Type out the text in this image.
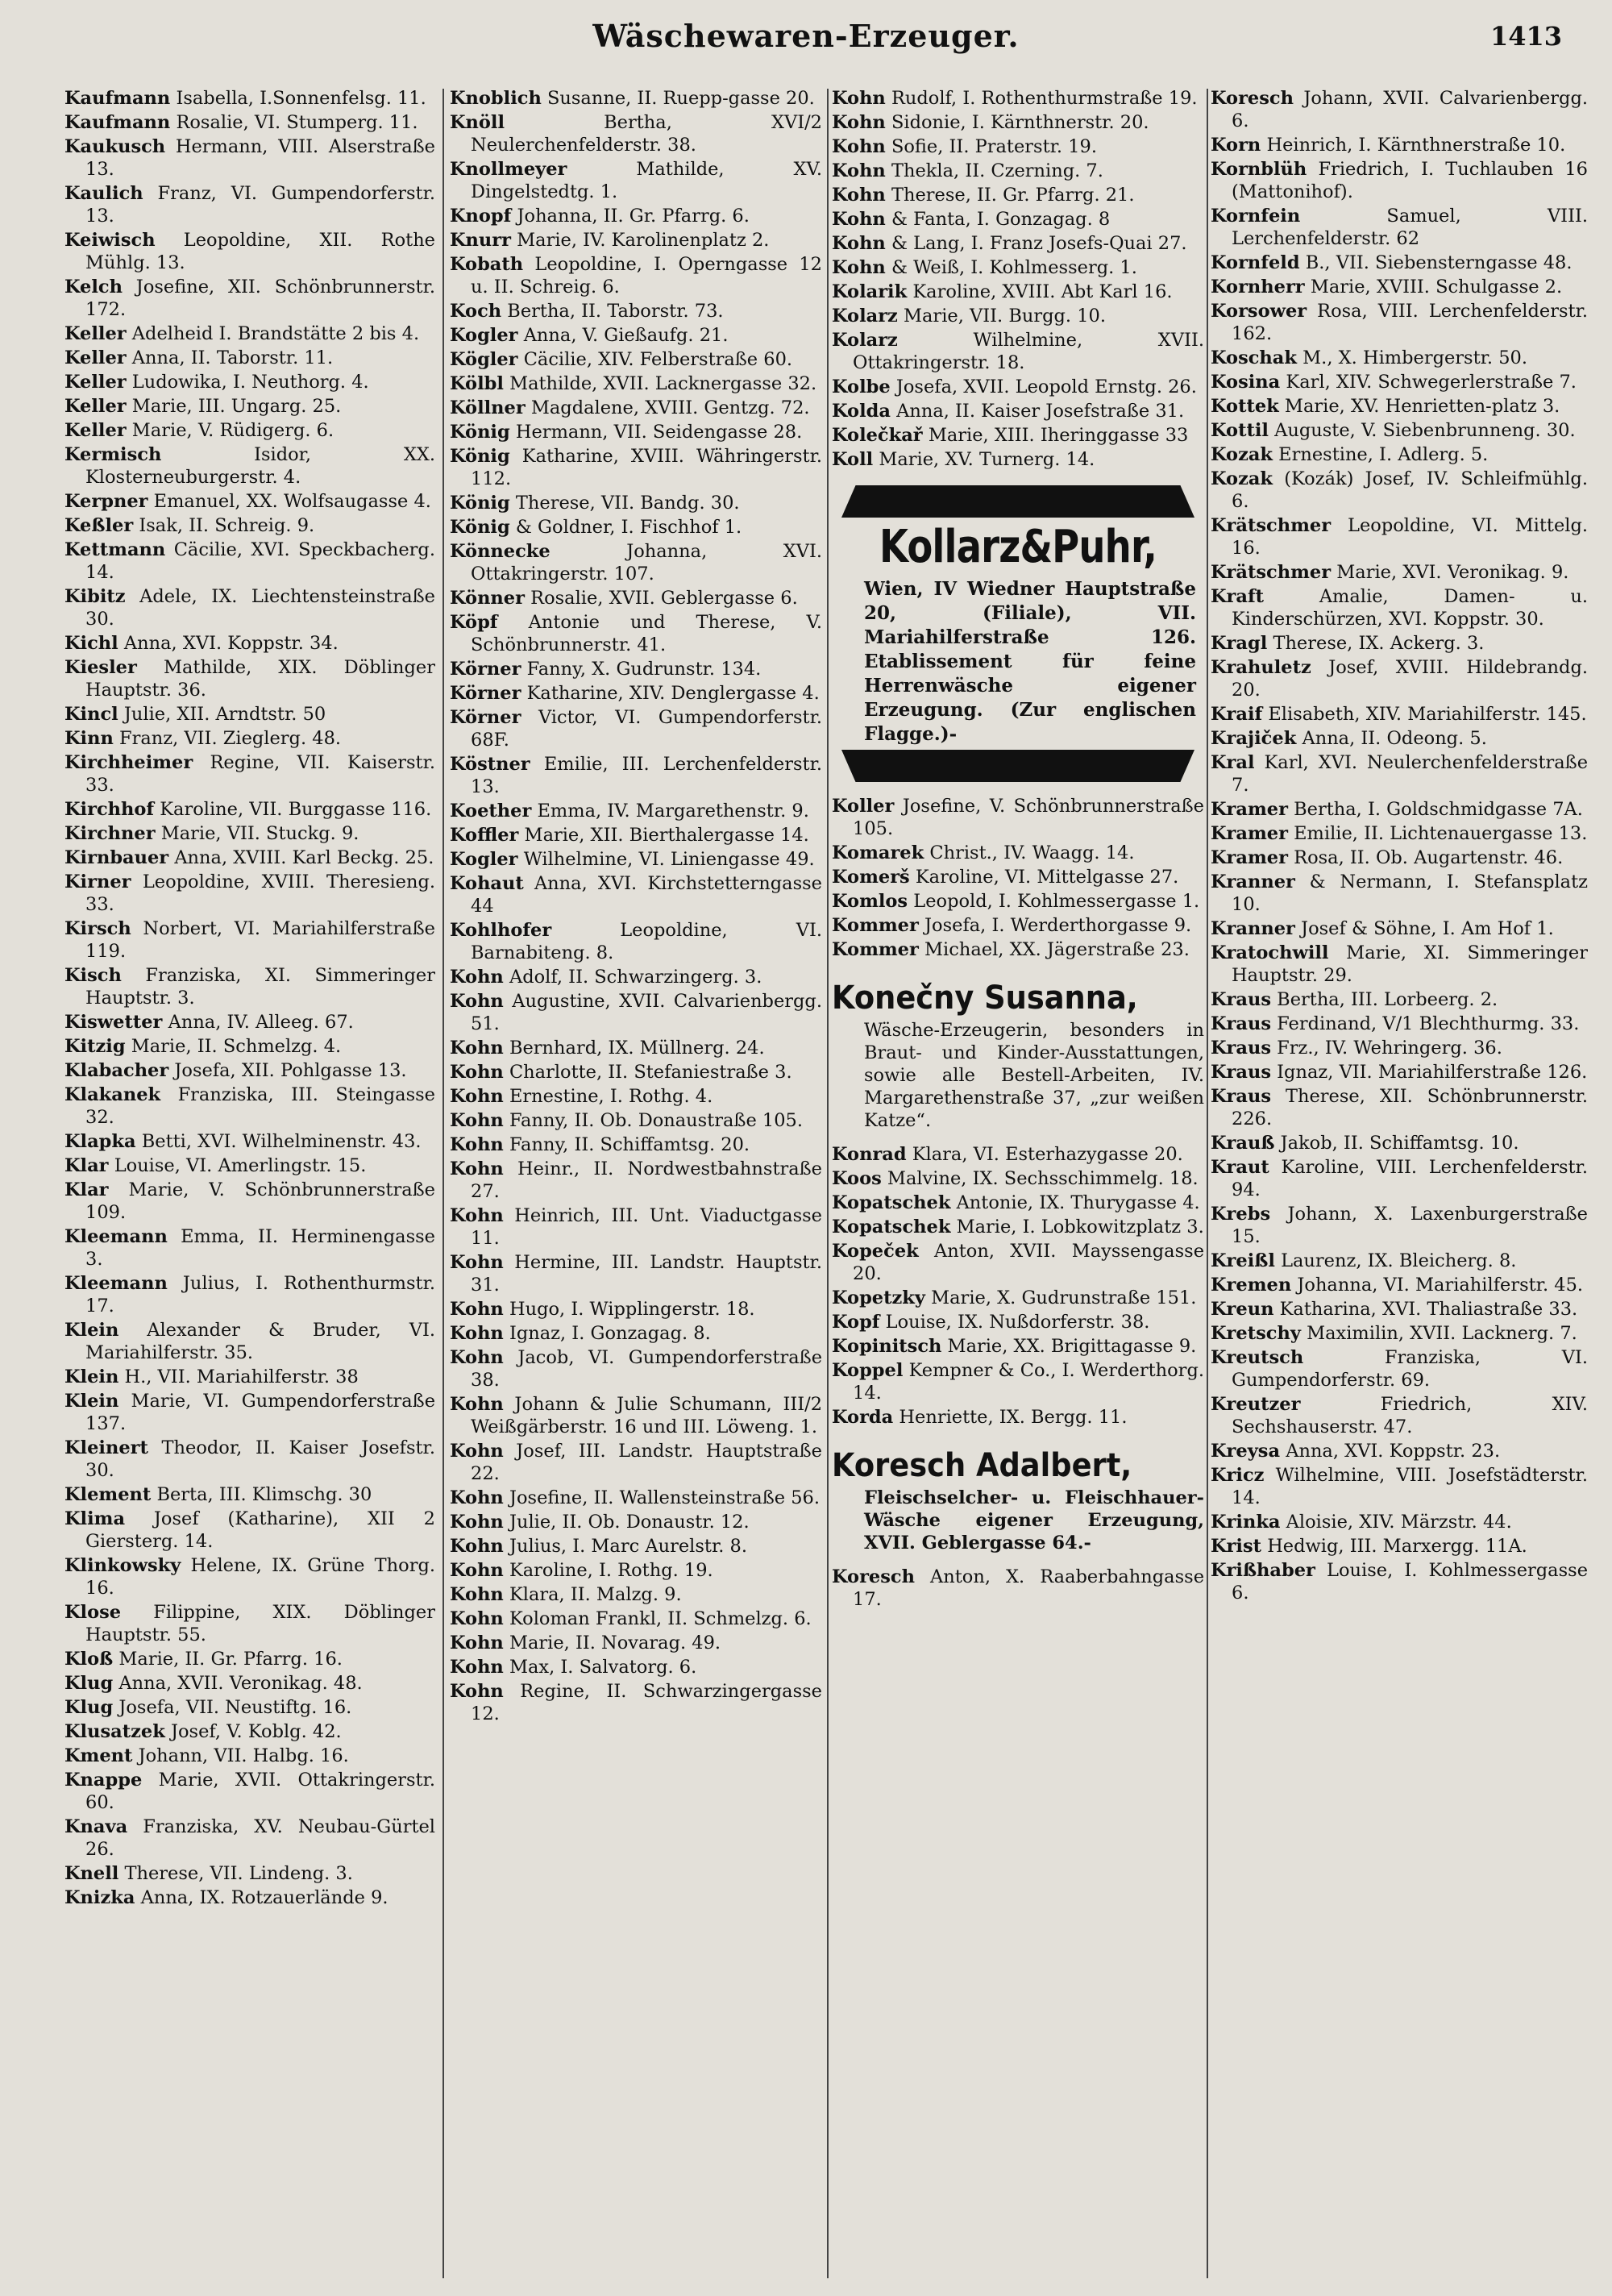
Wäschewaren-Erzeuger.	1413

Kaufmann Isabella, I.Sonnenfelsg. 11.

Kaufmann Rosalie, VI. Stumperg. 11.

Kaukusch Hermann, VIII. Alserstraße 13.

Kaulich Franz, VI. Gumpendorferstr. 13.

Keiwisch Leopoldine, XII. Rothe Mühlg. 13.

Kelch Josefine, XII. Schönbrunnerstr. 172.

Keller Adelheid I. Brandstätte 2 bis 4.

Keller Anna, II. Taborstr. 11.

Keller Ludowika, I. Neuthorg. 4.

Keller Marie, III. Ungarg. 25.

Keller Marie, V. Rüdigerg. 6.

Kermisch	Isidor, XX. Klosterneuburgerstr. 4.

Kerpner Emanuel, XX. Wolfsaugasse 4.

Keßler Isak, II. Schreig. 9.

Kettmann Cäcilie, XVI. Speckbacherg. 14.

Kibitz Adele, IX. Liechtensteinstraße 30.

Kichl Anna, XVI. Koppstr. 34.

Kiesler Mathilde, XIX. Döblinger Hauptstr. 36.

Kincl Julie, XII. Arndtstr. 50

Kinn Franz, VII. Zieglerg. 48.

Kirchheimer Regine, VII. Kaiserstr. 33.

Kirchhof Karoline, VII. Burggasse 116.

Kirchner Marie, VII. Stuckg. 9.

Kirnbauer Anna, XVIII. Karl Beckg. 25.

Kirner Leopoldine, XVIII. Theresieng. 33.

Kirsch Norbert, VI. Mariahilferstraße 119.

Kisch Franziska, XI. Simmeringer Hauptstr. 3.

Kiswetter Anna, IV. Alleeg. 67.

Kitzig Marie, II. Schmelzg. 4.

Klabacher Josefa, XII. Pohlgasse 13.

Klakanek Franziska, III. Steingasse 32.

Klapka Betti, XVI. Wilhelminenstr. 43.

Klar Louise, VI. Amerlingstr. 15.

Klar Marie, V. Schönbrunnerstraße 109.

Kleemann Emma, II. Herminengasse 3.

Kleemann Julius, I. Rothenthurmstr. 17.

Klein Alexander & Bruder, VI. Mariahilferstr. 35.

Klein H., VII. Mariahilferstr. 38

Klein Marie, VI. Gumpendorferstraße 137.

Kleinert Theodor, II. Kaiser Josefstr. 30.

Klement Berta, III. Klimschg. 30

Klima Josef (Katharine), XII 2 Giersterg. 14.

Klinkowsky Helene, IX. Grüne Thorg. 16.

Klose Filippine, XIX. Döblinger Hauptstr. 55.

Kloß Marie, II. Gr. Pfarrg. 16.

Klug Anna, XVII. Veronikag. 48.

Klug Josefa, VII. Neustiftg. 16.

Klusatzek Josef, V. Koblg. 42.

Kment Johann, VII. Halbg. 16.

Knappe Marie, XVII. Ottakringerstr. 60.

Knava Franziska, XV. Neubau-Gürtel 26.

Knell Therese, VII. Lindeng. 3.

Knizka Anna, IX. Rotzauerlände 9.

Knoblich Susanne, II. Ruepp-gasse 20.

Knöll	Bertha, XVI/2 Neulerchenfelderstr. 38.

Knollmeyer	Mathilde, XV. Dingelstedtg. 1.

Knopf Johanna, II. Gr. Pfarrg. 6.

Knurr Marie, IV. Karolinenplatz 2.

Kobath Leopoldine, I. Operngasse 12 u. II. Schreig. 6.

Koch Bertha, II. Taborstr. 73.

Kogler Anna, V. Gießaufg. 21.

Kögler Cäcilie, XIV. Felberstraße 60.

Kölbl Mathilde, XVII. Lacknergasse 32.

Köllner Magdalene, XVIII. Gentzg. 72.

König Hermann, VII. Seidengasse 28.

König Katharine, XVIII. Währingerstr. 112.

König Therese, VII. Bandg. 30.

König & Goldner, I. Fischhof 1.

Könnecke	Johanna, XVI. Ottakringerstr. 107.

Könner Rosalie, XVII. Geblergasse 6.

Köpf Antonie und Therese, V. Schönbrunnerstr. 41.

Körner Fanny, X. Gudrunstr. 134.

Körner Katharine, XIV. Denglergasse 4.

Körner Victor, VI. Gumpendorferstr. 68F.

Köstner Emilie, III. Lerchenfelderstr. 13.

Koether Emma, IV. Margarethenstr. 9.

Koffler Marie, XII. Bierthalergasse 14.

Kogler Wilhelmine, VI. Liniengasse 49.

Kohaut Anna, XVI. Kirchstetterngasse 44

Kohlhofer	Leopoldine, VI. Barnabiteng. 8.

Kohn Adolf, II. Schwarzingerg. 3.

Kohn Augustine, XVII. Calvarienbergg. 51.

Kohn Bernhard, IX. Müllnerg. 24.

Kohn Charlotte, II. Stefaniestraße 3.

Kohn Ernestine, I. Rothg. 4.

Kohn Fanny, II. Ob. Donaustraße 105.

Kohn Fanny, II. Schiffamtsg. 20.

Kohn Heinr., II. Nordwestbahnstraße 27.

Kohn Heinrich, III. Unt. Viaductgasse 11.

Kohn Hermine, III. Landstr. Hauptstr. 31.

Kohn Hugo, I. Wipplingerstr. 18.

Kohn Ignaz, I. Gonzagag. 8.

Kohn Jacob, VI. Gumpendorferstraße 38.

Kohn Johann & Julie Schumann, III/2 Weißgärberstr. 16 und III. Löweng. 1.

Kohn Josef, III. Landstr. Hauptstraße 22.

Kohn Josefine, II. Wallensteinstraße 56.

Kohn Julie, II. Ob. Donaustr. 12.

Kohn Julius, I. Marc Aurelstr. 8.

Kohn Karoline, I. Rothg. 19.

Kohn Klara, II. Malzg. 9.

Kohn Koloman Frankl, II. Schmelzg. 6.

Kohn Marie, II. Novarag. 49.

Kohn Max, I. Salvatorg. 6.

Kohn Regine, II. Schwarzingergasse 12.

Kohn Rudolf, I. Rothenthurmstraße 19.

Kohn Sidonie, I. Kärnthnerstr. 20.

Kohn Sofie, II. Praterstr. 19.

Kohn Thekla, II. Czerning. 7.

Kohn Therese, II. Gr. Pfarrg. 21.

Kohn & Fanta, I. Gonzagag. 8

Kohn & Lang, I. Franz Josefs-Quai 27.

Kohn & Weiß, I. Kohlmesserg. 1.

Kolarik Karoline, XVIII. Abt Karl 16.

Kolarz Marie, VII. Burgg. 10.

Kolarz	Wilhelmine, XVII. Ottakringerstr. 18.

Kolbe Josefa, XVII. Leopold Ernstg. 26.

Kolda Anna, II. Kaiser Josefstraße 31.

Kolečkař Marie, XIII. Iheringgasse 33

Koll Marie, XV. Turnerg. 14.

Kollarz&Puhr,
Wien, IV Wiedner Hauptstraße 20, (Filiale), VII. Mariahilferstraße 126. Etablissement für feine Herrenwäsche eigener Erzeugung. (Zur englischen Flagge.)-

Koller Josefine, V. Schönbrunnerstraße 105.

Komarek Christ., IV. Waagg. 14.

Komerš Karoline, VI. Mittelgasse 27.

Komlos Leopold, I. Kohlmessergasse 1.

Kommer Josefa, I. Werderthorgasse 9.

Kommer Michael, XX. Jägerstraße 23.

Konečny Susanna,
Wäsche-Erzeugerin, besonders in Braut- und Kinder-Ausstattungen, sowie alle Bestell-Arbeiten, IV. Margarethenstraße 37, „zur weißen Katze“.

Konrad Klara, VI. Esterhazygasse 20.

Koos Malvine, IX. Sechsschimmelg. 18.

Kopatschek Antonie, IX. Thurygasse 4.

Kopatschek Marie, I. Lobkowitzplatz 3.

Kopeček Anton, XVII. Mayssengasse 20.

Kopetzky Marie, X. Gudrunstraße 151.

Kopf Louise, IX. Nußdorferstr. 38.

Kopinitsch Marie, XX. Brigittagasse 9.

Koppel Kempner & Co., I. Werderthorg. 14.

Korda Henriette, IX. Bergg. 11.

Koresch Adalbert,
Fleischselcher- u. Fleischhauer-Wäsche eigener Erzeugung, XVII. Geblergasse 64.-

Koresch Anton, X. Raaberbahngasse 17.

Koresch Johann, XVII. Calvarienbergg. 6.

Korn Heinrich, I. Kärnthnerstraße 10.

Kornblüh Friedrich, I. Tuchlauben 16 (Mattonihof).

Kornfein	Samuel, VIII. Lerchenfelderstr. 62

Kornfeld B., VII. Siebensterngasse 48.

Kornherr Marie, XVIII. Schulgasse 2.

Korsower Rosa, VIII. Lerchenfelderstr. 162.

Koschak M., X. Himbergerstr. 50.

Kosina Karl, XIV. Schwegerlerstraße 7.

Kottek Marie, XV. Henrietten-platz 3.

Kottil Auguste, V. Siebenbrunneng. 30.

Kozak Ernestine, I. Adlerg. 5.

Kozak (Kozák) Josef, IV. Schleifmühlg. 6.

Krätschmer Leopoldine, VI. Mittelg. 16.

Krätschmer Marie, XVI. Veronikag. 9.

Kraft	Amalie, Damen- u. Kinderschürzen, XVI. Koppstr. 30.

Kragl Therese, IX. Ackerg. 3.

Krahuletz Josef, XVIII. Hildebrandg. 20.

Kraif Elisabeth, XIV. Mariahilferstr. 145.

Krajiček Anna, II. Odeong. 5.

Kral Karl, XVI. Neulerchenfelderstraße 7.

Kramer Bertha, I. Goldschmidgasse 7A.

Kramer Emilie, II. Lichtenauergasse 13.

Kramer Rosa, II. Ob. Augartenstr. 46.

Kranner & Nermann, I. Stefansplatz 10.

Kranner Josef & Söhne, I. Am Hof 1.

Kratochwill Marie, XI. Simmeringer Hauptstr. 29.

Kraus Bertha, III. Lorbeerg. 2.

Kraus Ferdinand, V/1 Blechthurmg. 33.

Kraus Frz., IV. Wehringerg. 36.

Kraus Ignaz, VII. Mariahilferstraße 126.

Kraus Therese, XII. Schönbrunnerstr. 226.

Krauß Jakob, II. Schiffamtsg. 10.

Kraut Karoline, VIII. Lerchenfelderstr. 94.

Krebs Johann, X. Laxenburgerstraße 15.

Kreißl Laurenz, IX. Bleicherg. 8.

Kremen Johanna, VI. Mariahilferstr. 45.

Kreun Katharina, XVI. Thaliastraße 33.

Kretschy Maximilin, XVII. Lacknerg. 7.

Kreutsch	Franziska, VI. Gumpendorferstr. 69.

Kreutzer	Friedrich, XIV. Sechshauserstr. 47.

Kreysa Anna, XVI. Koppstr. 23.

Kricz Wilhelmine, VIII. Josefstädterstr. 14.

Krinka Aloisie, XIV. Märzstr. 44.

Krist Hedwig, III. Marxergg. 11A.

Krißhaber Louise, I. Kohlmessergasse 6.
